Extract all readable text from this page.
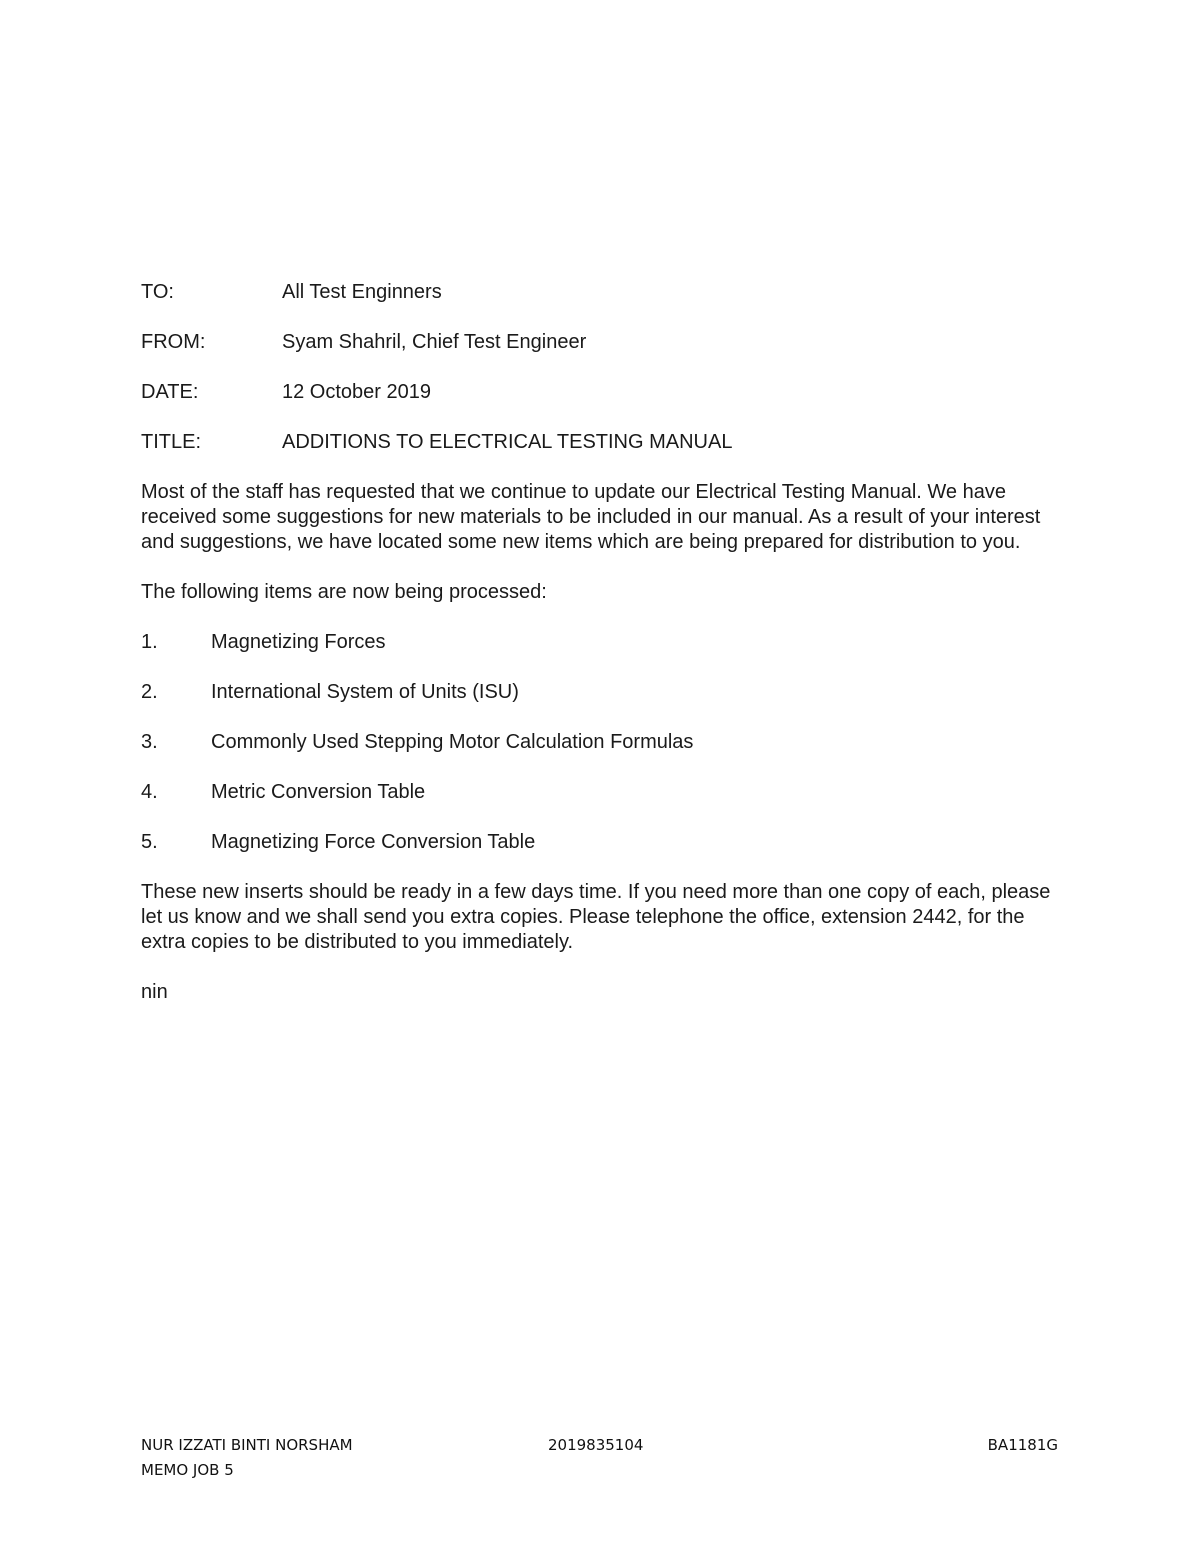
TO:	All Test Enginners
FROM:	Syam Shahril, Chief Test Engineer
DATE:	12 October 2019
TITLE:	ADDITIONS TO ELECTRICAL TESTING MANUAL

Most of the staff has requested that we continue to update our Electrical Testing Manual. We have received some suggestions for new materials to be included in our manual. As a result of your interest and suggestions, we have located some new items which are being prepared for distribution to you.

The following items are now being processed:

1.	Magnetizing Forces
2.	International System of Units (ISU)
3.	Commonly Used Stepping Motor Calculation Formulas
4.	Metric Conversion Table
5.	Magnetizing Force Conversion Table

These new inserts should be ready in a few days time. If you need more than one copy of each, please let us know and we shall send you extra copies. Please telephone the office, extension 2442, for the extra copies to be distributed to you immediately.

nin

NUR IZZATI BINTI NORSHAM	2019835104	BA1181G
MEMO JOB 5
